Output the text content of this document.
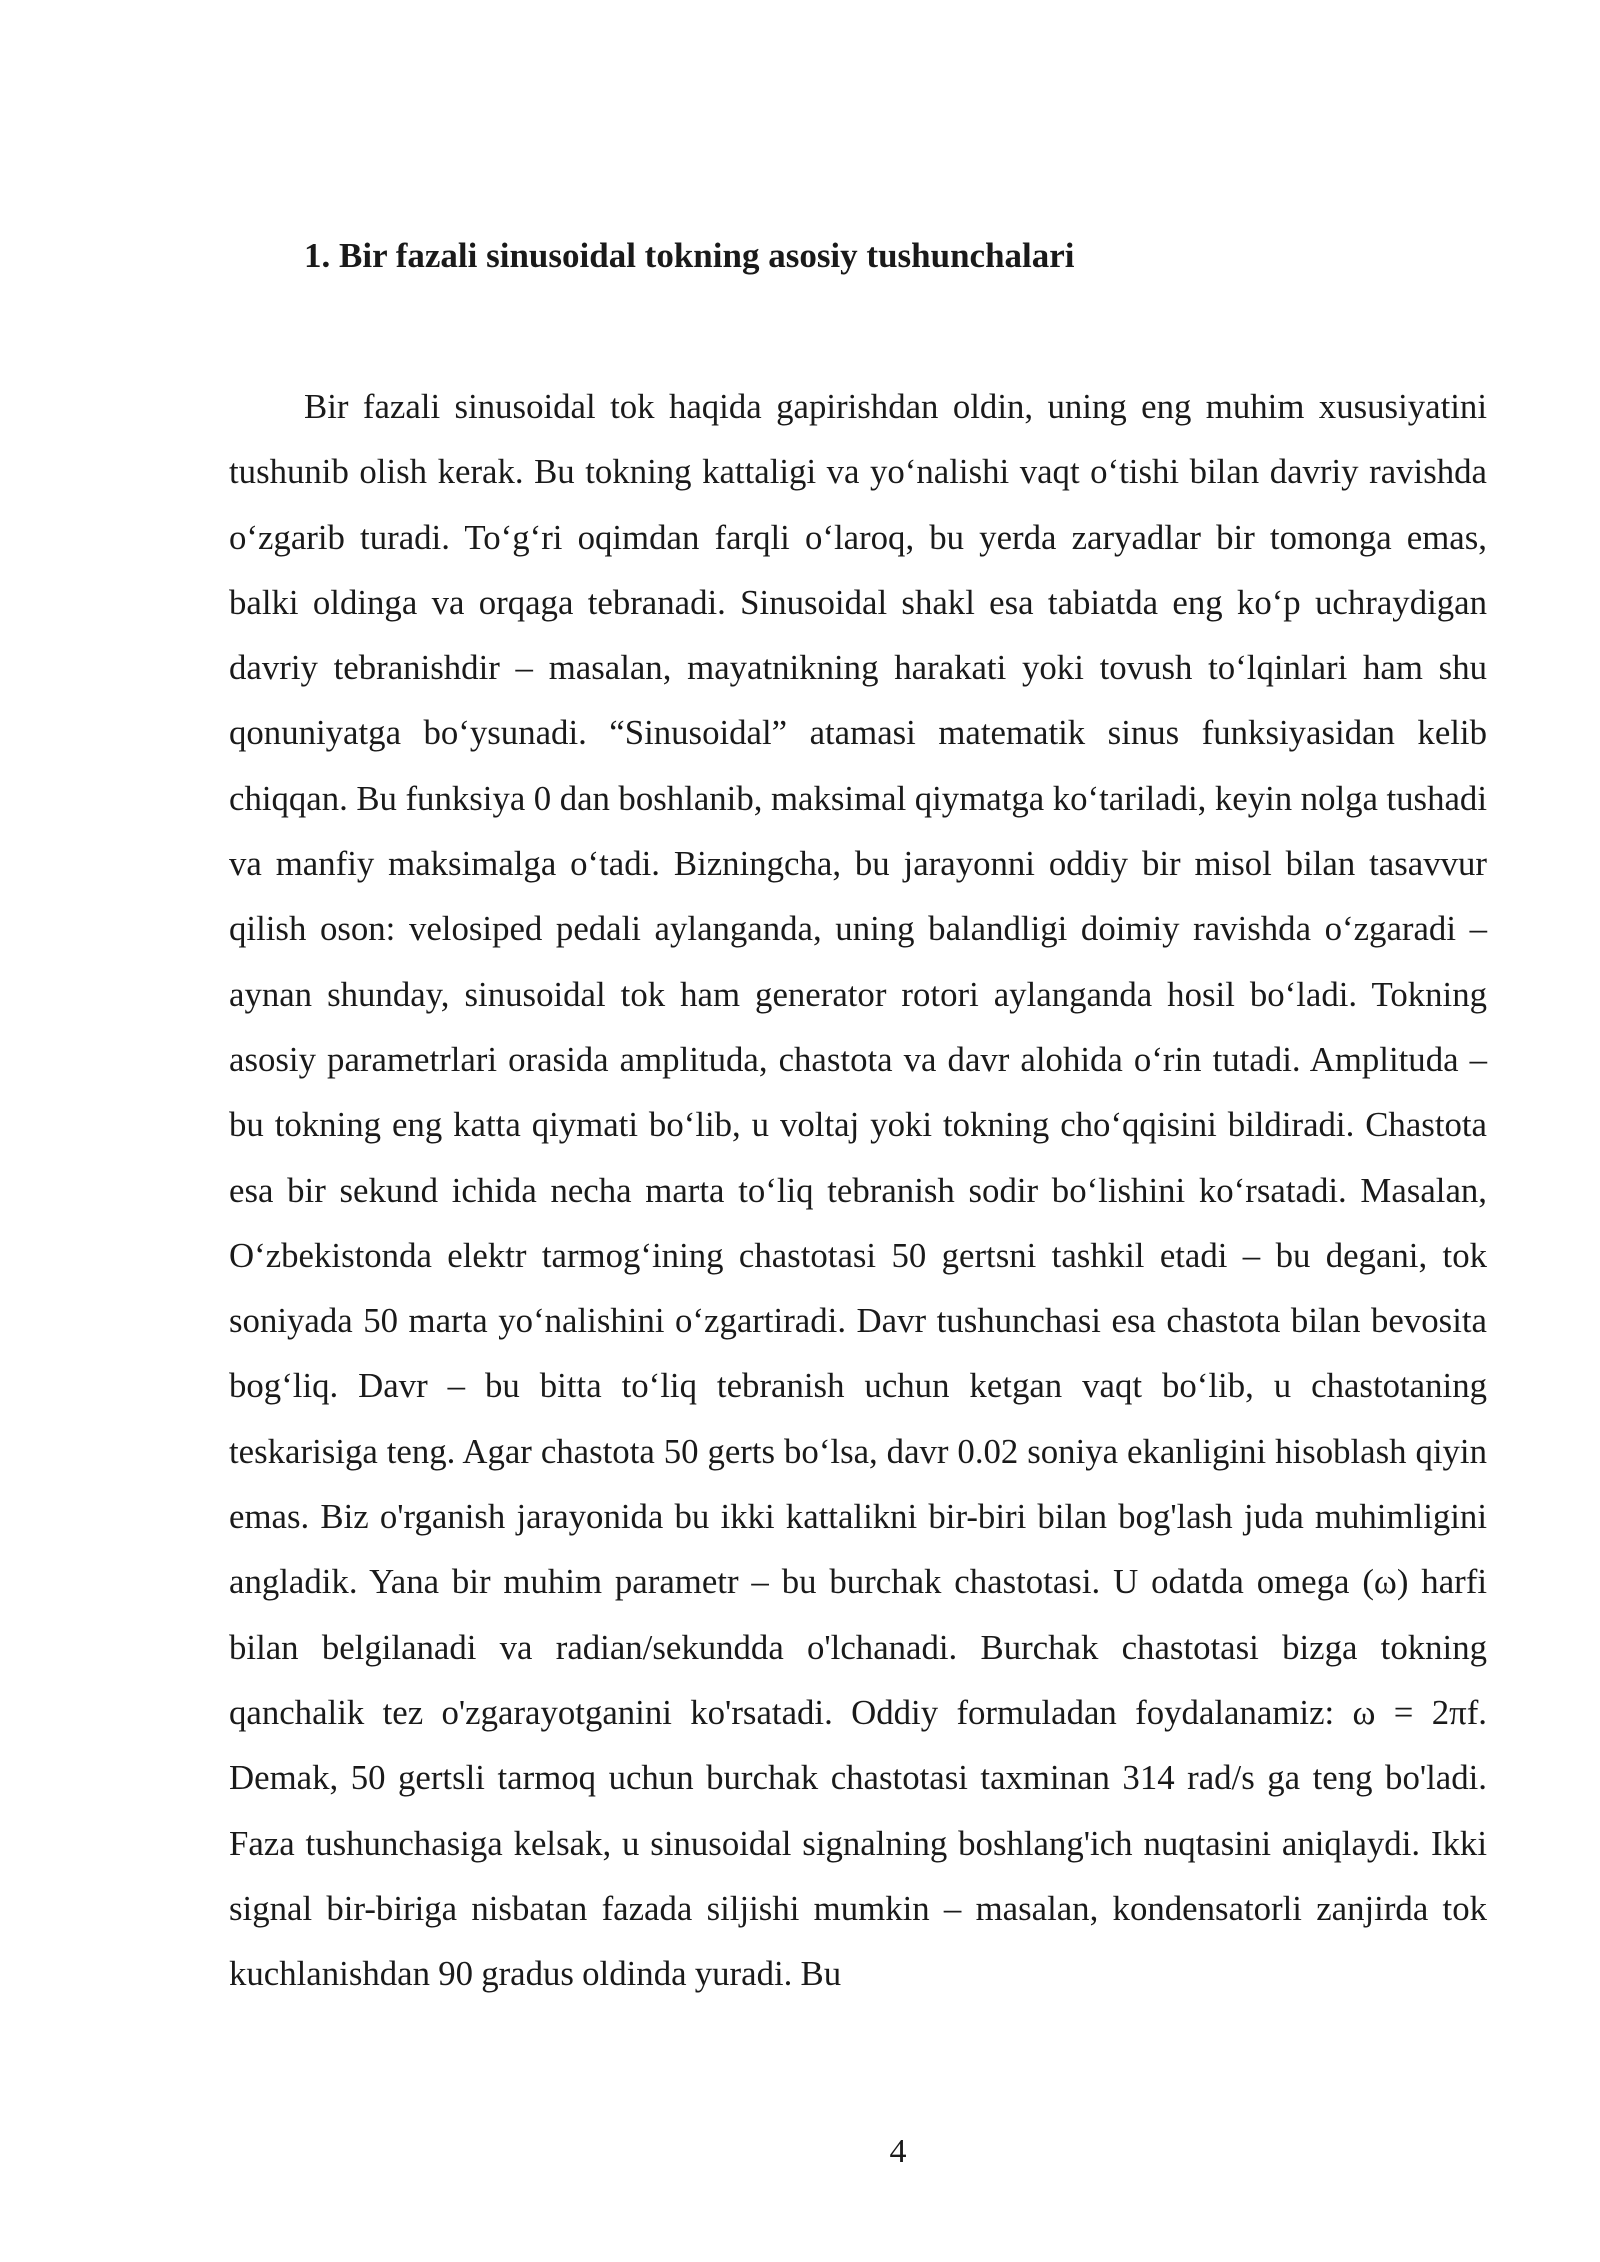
1. Bir fazali sinusoidal tokning asosiy tushunchalari

Bir fazali sinusoidal tok haqida gapirishdan oldin, uning eng muhim xususiyatini tushunib olish kerak. Bu tokning kattaligi va yo‘nalishi vaqt o‘tishi bilan davriy ravishda o‘zgarib turadi. To‘g‘ri oqimdan farqli o‘laroq, bu yerda zaryadlar bir tomonga emas, balki oldinga va orqaga tebranadi. Sinusoidal shakl esa tabiatda eng ko‘p uchraydigan davriy tebranishdir – masalan, mayatnikning harakati yoki tovush to‘lqinlari ham shu qonuniyatga bo‘ysunadi. “Sinusoidal” atamasi matematik sinus funksiyasidan kelib chiqqan. Bu funksiya 0 dan boshlanib, maksimal qiymatga ko‘tariladi, keyin nolga tushadi va manfiy maksimalga o‘tadi. Bizningcha, bu jarayonni oddiy bir misol bilan tasavvur qilish oson: velosiped pedali aylanganda, uning balandligi doimiy ravishda o‘zgaradi – aynan shunday, sinusoidal tok ham generator rotori aylanganda hosil bo‘ladi. Tokning asosiy parametrlari orasida amplituda, chastota va davr alohida o‘rin tutadi. Amplituda – bu tokning eng katta qiymati bo‘lib, u voltaj yoki tokning cho‘qqisini bildiradi. Chastota esa bir sekund ichida necha marta to‘liq tebranish sodir bo‘lishini ko‘rsatadi. Masalan, O‘zbekistonda elektr tarmog‘ining chastotasi 50 gertsni tashkil etadi – bu degani, tok soniyada 50 marta yo‘nalishini o‘zgartiradi. Davr tushunchasi esa chastota bilan bevosita bog‘liq. Davr – bu bitta to‘liq tebranish uchun ketgan vaqt bo‘lib, u chastotaning teskarisiga teng. Agar chastota 50 gerts bo‘lsa, davr 0.02 soniya ekanligini hisoblash qiyin emas. Biz o'rganish jarayonida bu ikki kattalikni bir-biri bilan bog'lash juda muhimligini angladik. Yana bir muhim parametr – bu burchak chastotasi. U odatda omega (ω) harfi bilan belgilanadi va radian/sekundda o'lchanadi. Burchak chastotasi bizga tokning qanchalik tez o'zgarayotganini ko'rsatadi. Oddiy formuladan foydalanamiz: ω = 2πf. Demak, 50 gertsli tarmoq uchun burchak chastotasi taxminan 314 rad/s ga teng bo'ladi. Faza tushunchasiga kelsak, u sinusoidal signalning boshlang'ich nuqtasini aniqlaydi. Ikki signal bir-biriga nisbatan fazada siljishi mumkin – masalan, kondensatorli zanjirda tok kuchlanishdan 90 gradus oldinda yuradi. Bu

4
